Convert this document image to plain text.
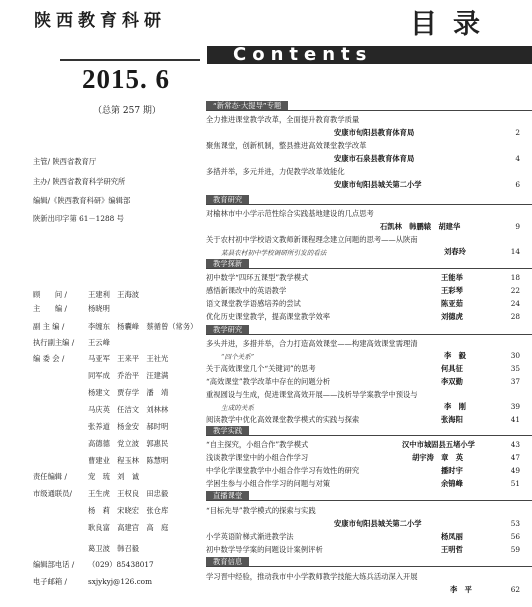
陕西教育科研	目录
Contents
2015. 6
（总第 257 期）
主管/ 陕西省教育厅
主办/ 陕西省教育科学研究所
编辑/《陕西教育科研》编辑部
陕新出印字第 61－1288 号
顾　　问 /	王建利　王海波
主　　编 /	杨晓明
副 主 编 /	李缠东　杨囊峰　蔡循曾（常务）
执行副主编 / 王云峰
编 委 会 /	马亚军　王来平　王社光
同军成　乔治平　汪建满
杨建文　贾存学　潘　靖
马庆英　任洁文　刘林林
张养道　杨金安　郝时明
高德德　党立波　郭惠民
曹建业　程玉林　陈慧明
责任编辑 /	宠　琉　刘　诚
市级通联员/ 王生虎　王权良　田忠毅
杨　莉　宋晓宏　张仓库
耿良富　高建宫　高　庭
葛卫波　韩召毅
编辑部电话 / （029）85438017
电子邮箱 /	sxjykyj@126.com
“新常态·大提导”专题
全力推进课堂教学改革，全面提升教育教学质量
安康市旬阳县教育体育局	2
聚焦课堂，创新机制，整县推进高效课堂教学改革
安康市石泉县教育体育局	4
多措并举，多元并进，力促教学改革效能化
安康市旬阳县城关第二小学	6
教育研究
对榆林市中小学示范性综合实践基地建设的几点思考
石凯林　韩鹏辕　胡建华	9
关于农村初中学校语文教师新课程理念建立问题的思考——从陕南
某县农村初中学校调研所引发的看法	刘春玲	14
教学探新
初中数学“四环五课型”教学模式	王能举	18
感悟新课改中的英语教学	王彩琴	22
语文课堂教学语感培养的尝试	陈亚茹	24
优化历史课堂教学，提高课堂教学效率	刘德虎	28
教学研究
多头并进，多措并举，合力打造高效课堂——构建高效课堂需理清
“四个关系”	李　毅	30
关于高效课堂几个“关键词”的思考	何具征	35
“高效课堂”教学改革中存在的问题分析	李双勤	37
重视圆设与生成，促进课堂高效开展——浅析导学案教学中预设与
生成的关系	李　刚	39
阅读教学中优化高效课堂教学模式的实践与探索	张海阳	41
教学实践
“自主探究，小组合作”教学模式	汉中市城固县五堵小学	43
浅谈教学课堂中的小组合作学习	胡宇涛　章　英	47
中学化学课堂教学中小组合作学习有效性的研究	播时宇	49
学困生参与小组合作学习的问题与对策	余锦峰	51
直播课堂
“目标先导”教学模式的探索与实践
安康市旬阳县城关第二小学	53
小学英语阶梯式渐进教学法	杨凤丽	56
初中数学导学案的问题设计案例评析	王明哲	59
教育信息
学习晋中经验，推动我市中小学教师教学技能大练兵活动深入开展
李　平	62
